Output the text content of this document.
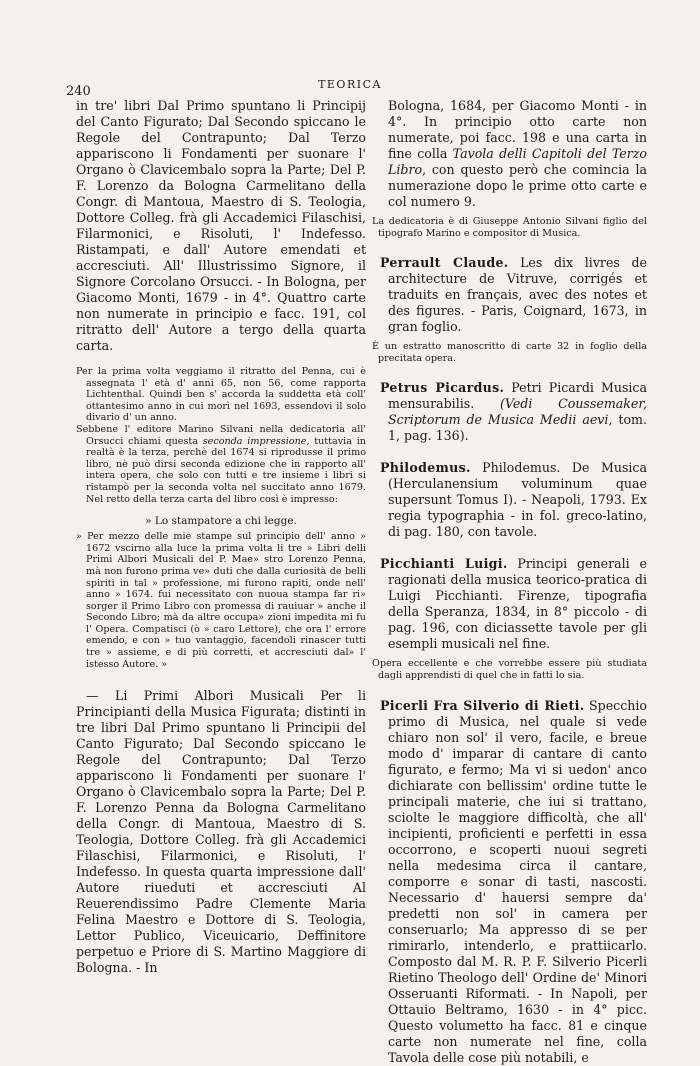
240	TEORICA

in tre' libri Dal Primo spuntano li Principij del Canto Figurato; Dal Secondo spiccano le Regole del Contrapunto; Dal Terzo appariscono li Fondamenti per suonare l' Organo ò Clavicembalo sopra la Parte; Del P. F. Lorenzo da Bologna Carmelitano della Congr. di Mantoua, Maestro di S. Teologia, Dottore Colleg. frà gli Accademici Filaschisi, Filarmonici, e Risoluti, l' Indefesso. Ristampati, e dall' Autore emendati et accresciuti. All' Illustrissimo Signore, il Signore Corcolano Orsucci. - In Bologna, per Giacomo Monti, 1679 - in 4°. Quattro carte non numerate in principio e facc. 191, col ritratto dell' Autore a tergo della quarta carta.

Per la prima volta veggiamo il ritratto del Penna, cui è assegnata l' età d' anni 65, non 56, come rapporta Lichtenthal. Quindi ben s' accorda la suddetta età coll' ottantesimo anno in cui morì nel 1693, essendovi il solo divario d' un anno.

Sebbene l' editore Marino Silvani nella dedicatoria all' Orsucci chiami questa seconda impressione, tuttavia in realtà è la terza, perchè del 1674 si riprodusse il primo libro, nè può dirsi seconda edizione che in rapporto all' intera opera, che solo con tutti e tre insieme i libri si ristampò per la seconda volta nel succitato anno 1679. Nel retto della terza carta del libro così è impresso:

» Lo stampatore a chi legge.

» Per mezzo delle mie stampe sul principio dell' anno » 1672 vscirno alla luce la prima volta li tre » Libri delli Primi Albori Musicali del P. Mae» stro Lorenzo Penna, mà non furono prima ve» duti che dalla curiosità de belli spiriti in tal » professione, mi furono rapiti, onde nell' anno » 1674. fui necessitato con nuoua stampa far ri» sorger il Primo Libro con promessa di rauiuar » anche il Secondo Libro; mà da altre occupa» zioni impedita mi fu l' Opera. Compatisci (ò » caro Lettore), che ora l' errore emendo, e con » tuo vantaggio, facendoli rinascer tutti tre » assieme, e di più corretti, et accresciuti dal» l' istesso Autore. »

— Li Primi Albori Musicali Per li Principianti della Musica Figurata; distinti in tre libri Dal Primo spuntano li Principii del Canto Figurato; Dal Secondo spiccano le Regole del Contrapunto; Dal Terzo appariscono li Fondamenti per suonare l' Organo ò Clavicembalo sopra la Parte; Del P. F. Lorenzo Penna da Bologna Carmelitano della Congr. di Mantoua, Maestro di S. Teologia, Dottore Colleg. frà gli Accademici Filaschisi, Filarmonici, e Risoluti, l' Indefesso. In questa quarta impressione dall' Autore riueduti et accresciuti Al Reuerendissimo Padre Clemente Maria Felina Maestro e Dottore di S. Teologia, Lettor Publico, Viceuicario, Deffinitore perpetuo e Priore di S. Martino Maggiore di Bologna. - In

Bologna, 1684, per Giacomo Monti - in 4°. In principio otto carte non numerate, poi facc. 198 e una carta in fine colla Tavola delli Capitoli del Terzo Libro, con questo però che comincia la numerazione dopo le prime otto carte e col numero 9.

La dedicatoria è di Giuseppe Antonio Silvani figlio del tipografo Marino e compositor di Musica.

Perrault Claude. Les dix livres de architecture de Vitruve, corrigés et traduits en français, avec des notes et des figures. - Paris, Coignard, 1673, in gran foglio.

È un estratto manoscritto di carte 32 in foglio della precitata opera.

Petrus Picardus. Petri Picardi Musica mensurabilis. (Vedi Coussemaker, Scriptorum de Musica Medii aevi, tom. 1, pag. 136).

Philodemus. Philodemus. De Musica (Herculanensium voluminum quae supersunt Tomus I). - Neapoli, 1793. Ex regia typographia - in fol. greco-latino, di pag. 180, con tavole.

Picchianti Luigi. Principi generali e ragionati della musica teorico-pratica di Luigi Picchianti. Firenze, tipografia della Speranza, 1834, in 8° piccolo - di pag. 196, con diciassette tavole per gli esempli musicali nel fine.

Opera eccellente e che vorrebbe essere più studiata dagli apprendisti di quel che in fatti lo sia.

Picerli Fra Silverio di Rieti. Specchio primo di Musica, nel quale si vede chiaro non sol' il vero, facile, e breue modo d' imparar di cantare di canto figurato, e fermo; Ma vi si uedon' anco dichiarate con bellissim' ordine tutte le principali materie, che iui si trattano, sciolte le maggiore difficoltà, che all' incipienti, proficienti e perfetti in essa occorrono, e scoperti nuoui segreti nella medesima circa il cantare, comporre e sonar di tasti, nascosti. Necessario d' hauersi sempre da' predetti non sol' in camera per conseruarlo; Ma appresso di se per rimirarlo, intenderlo, e prattiicarlo. Composto dal M. R. P. F. Silverio Picerli Rietino Theologo dell' Ordine de' Minori Osseruanti Riformati. - In Napoli, per Ottauio Beltramo, 1630 - in 4° picc. Questo volumetto ha facc. 81 e cinque carte non numerate nel fine, colla Tavola delle cose più notabili, e
